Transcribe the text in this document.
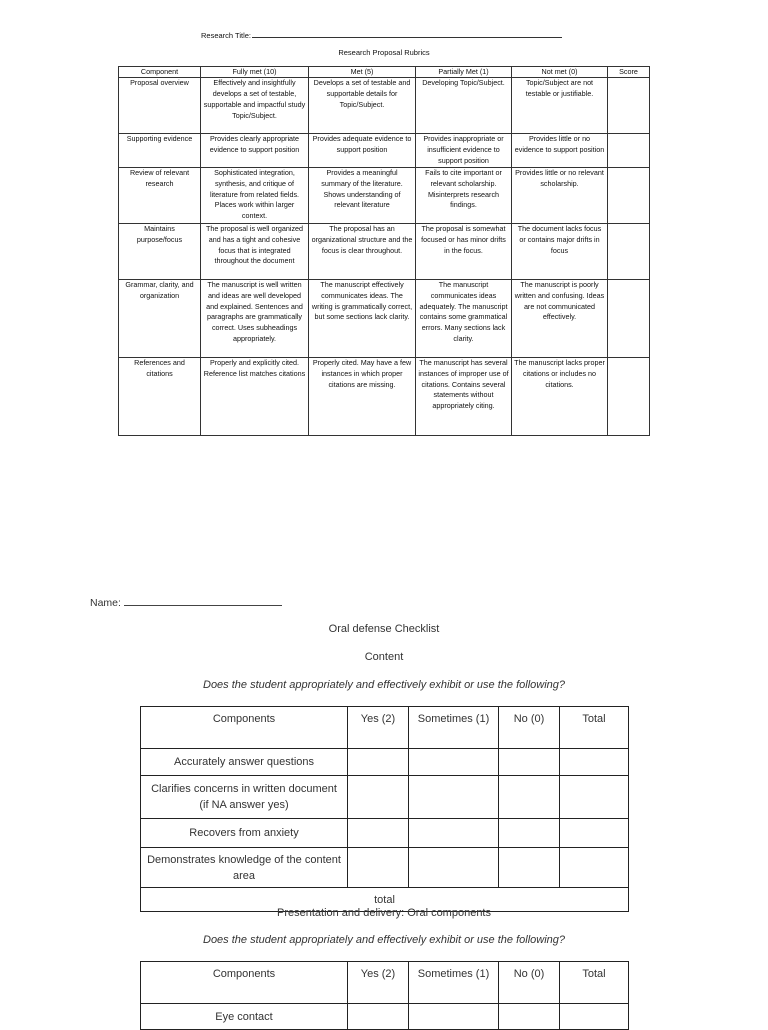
Research Title:
Research Proposal Rubrics
Component	Fully met (10)	Met (5)	Partially Met (1)	Not met (0)	Score
Proposal overview	Effectively and insightfully develops a set of testable, supportable and impactful study Topic/Subject.	Develops a set of testable and supportable details for Topic/Subject.	Developing Topic/Subject.	Topic/Subject are not testable or justifiable.	
Supporting evidence	Provides clearly appropriate evidence to support position	Provides adequate evidence to support position	Provides inappropriate or insufficient evidence to support position	Provides little or no evidence to support position	
Review of relevant research	Sophisticated integration, synthesis, and critique of literature from related fields. Places work within larger context.	Provides a meaningful summary of the literature. Shows understanding of relevant literature	Fails to cite important or relevant scholarship. Misinterprets research findings.	Provides little or no relevant scholarship.	
Maintains purpose/focus	The proposal is well organized and has a tight and cohesive focus that is integrated throughout the document	The proposal has an organizational structure and the focus is clear throughout.	The proposal is somewhat focused or has minor drifts in the focus.	The document lacks focus or contains major drifts in focus	
Grammar, clarity, and organization	The manuscript is well written and ideas are well developed and explained. Sentences and paragraphs are grammatically correct. Uses subheadings appropriately.	The manuscript effectively communicates ideas. The writing is grammatically correct, but some sections lack clarity.	The manuscript communicates ideas adequately. The manuscript contains some grammatical errors. Many sections lack clarity.	The manuscript is poorly written and confusing. Ideas are not communicated effectively.	
References and citations	Properly and explicitly cited. Reference list matches citations	Properly cited. May have a few instances in which proper citations are missing.	The manuscript has several instances of improper use of citations. Contains several statements without appropriately citing.	The manuscript lacks proper citations or includes no citations.	
Name:
Oral defense Checklist
Content
Does the student appropriately and effectively exhibit or use the following?
Components	Yes (2)	Sometimes (1)	No (0)	Total
Accurately answer questions				
Clarifies concerns in written document (if NA answer yes)				
Recovers from anxiety				
Demonstrates knowledge of the content area				
total				
Presentation and delivery: Oral components
Does the student appropriately and effectively exhibit or use the following?
Components	Yes (2)	Sometimes (1)	No (0)	Total
Eye contact				
